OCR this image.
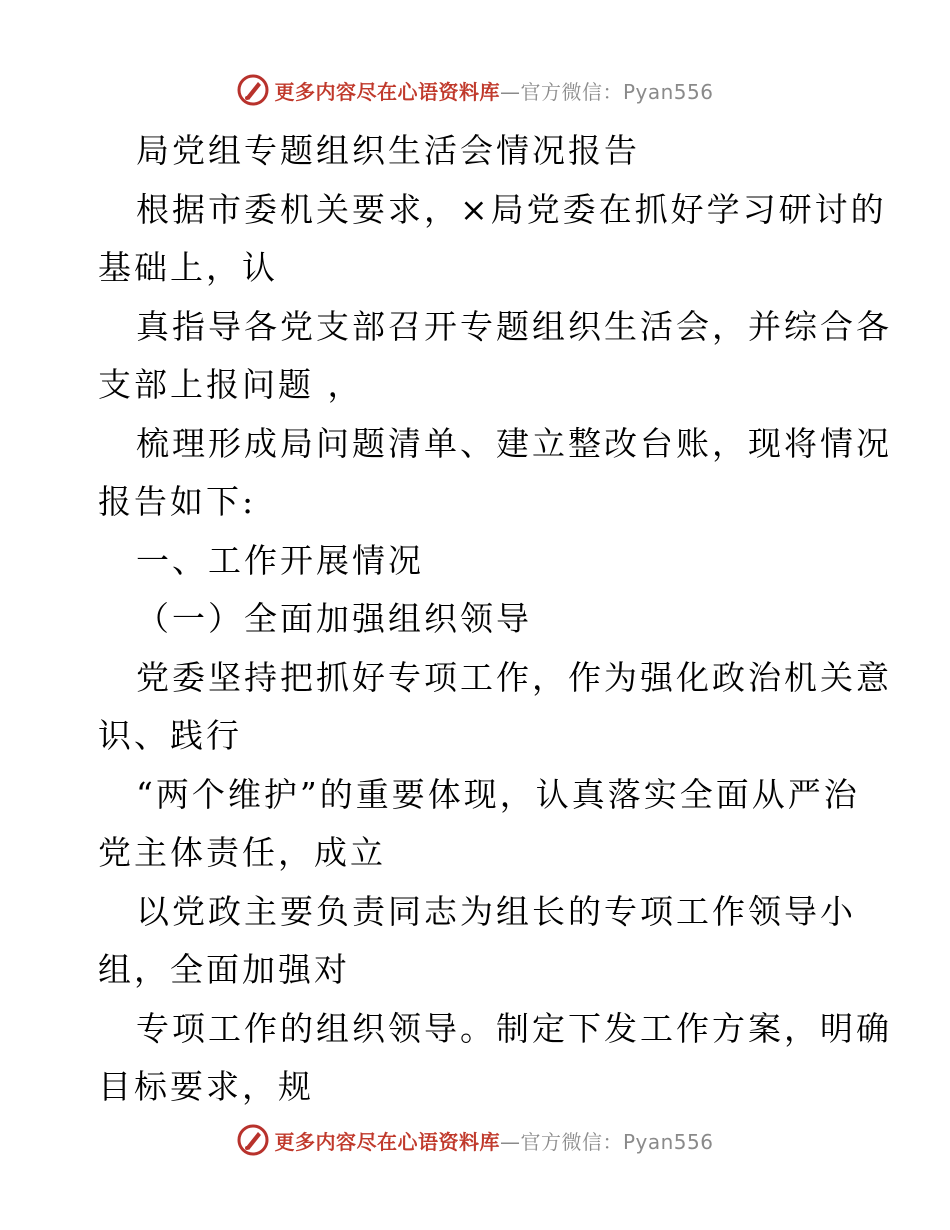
更多内容尽在心语资料库—官方微信：Pyan556
局党组专题组织生活会情况报告
根据市委机关要求，×局党委在抓好学习研讨的
基础上，认
真指导各党支部召开专题组织生活会，并综合各
支部上报问题 ，
梳理形成局问题清单、建立整改台账，现将情况
报告如下:
一、工作开展情况
（一）全面加强组织领导
党委坚持把抓好专项工作，作为强化政治机关意
识、践行
“两个维护”的重要体现，认真落实全面从严治
党主体责任，成立
以党政主要负责同志为组长的专项工作领导小
组，全面加强对
专项工作的组织领导。制定下发工作方案，明确
目标要求，规
更多内容尽在心语资料库—官方微信：Pyan556
